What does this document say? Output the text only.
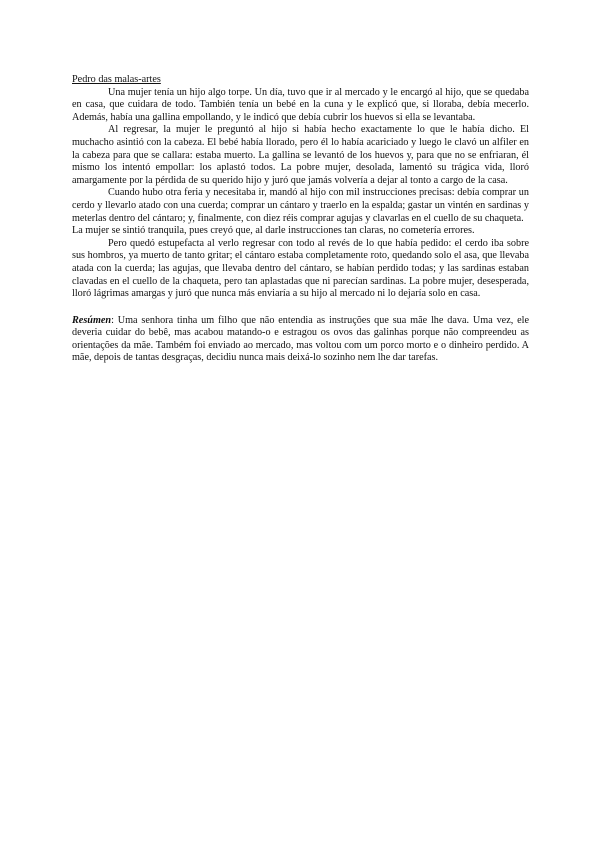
Pedro das malas-artes

Una mujer tenía un hijo algo torpe. Un día, tuvo que ir al mercado y le encargó al hijo, que se quedaba en casa, que cuidara de todo. También tenía un bebé en la cuna y le explicó que, si lloraba, debía mecerlo. Además, había una gallina empollando, y le indicó que debía cubrir los huevos si ella se levantaba.

Al regresar, la mujer le preguntó al hijo si había hecho exactamente lo que le había dicho. El muchacho asintió con la cabeza. El bebé había llorado, pero él lo había acariciado y luego le clavó un alfiler en la cabeza para que se callara: estaba muerto. La gallina se levantó de los huevos y, para que no se enfriaran, él mismo los intentó empollar: los aplastó todos. La pobre mujer, desolada, lamentó su trágica vida, lloró amargamente por la pérdida de su querido hijo y juró que jamás volvería a dejar al tonto a cargo de la casa.

Cuando hubo otra feria y necesitaba ir, mandó al hijo con mil instrucciones precisas: debía comprar un cerdo y llevarlo atado con una cuerda; comprar un cántaro y traerlo en la espalda; gastar un vintén en sardinas y meterlas dentro del cántaro; y, finalmente, con diez réis comprar agujas y clavarlas en el cuello de su chaqueta.

La mujer se sintió tranquila, pues creyó que, al darle instrucciones tan claras, no cometería errores.

Pero quedó estupefacta al verlo regresar con todo al revés de lo que había pedido: el cerdo iba sobre sus hombros, ya muerto de tanto gritar; el cántaro estaba completamente roto, quedando solo el asa, que llevaba atada con la cuerda; las agujas, que llevaba dentro del cántaro, se habían perdido todas; y las sardinas estaban clavadas en el cuello de la chaqueta, pero tan aplastadas que ni parecían sardinas. La pobre mujer, desesperada, lloró lágrimas amargas y juró que nunca más enviaría a su hijo al mercado ni lo dejaría solo en casa.

Resúmen: Uma senhora tinha um filho que não entendia as instruções que sua mãe lhe dava. Uma vez, ele deveria cuidar do bebê, mas acabou matando-o e estragou os ovos das galinhas porque não compreendeu as orientações da mãe. Também foi enviado ao mercado, mas voltou com um porco morto e o dinheiro perdido. A mãe, depois de tantas desgraças, decidiu nunca mais deixá-lo sozinho nem lhe dar tarefas.
